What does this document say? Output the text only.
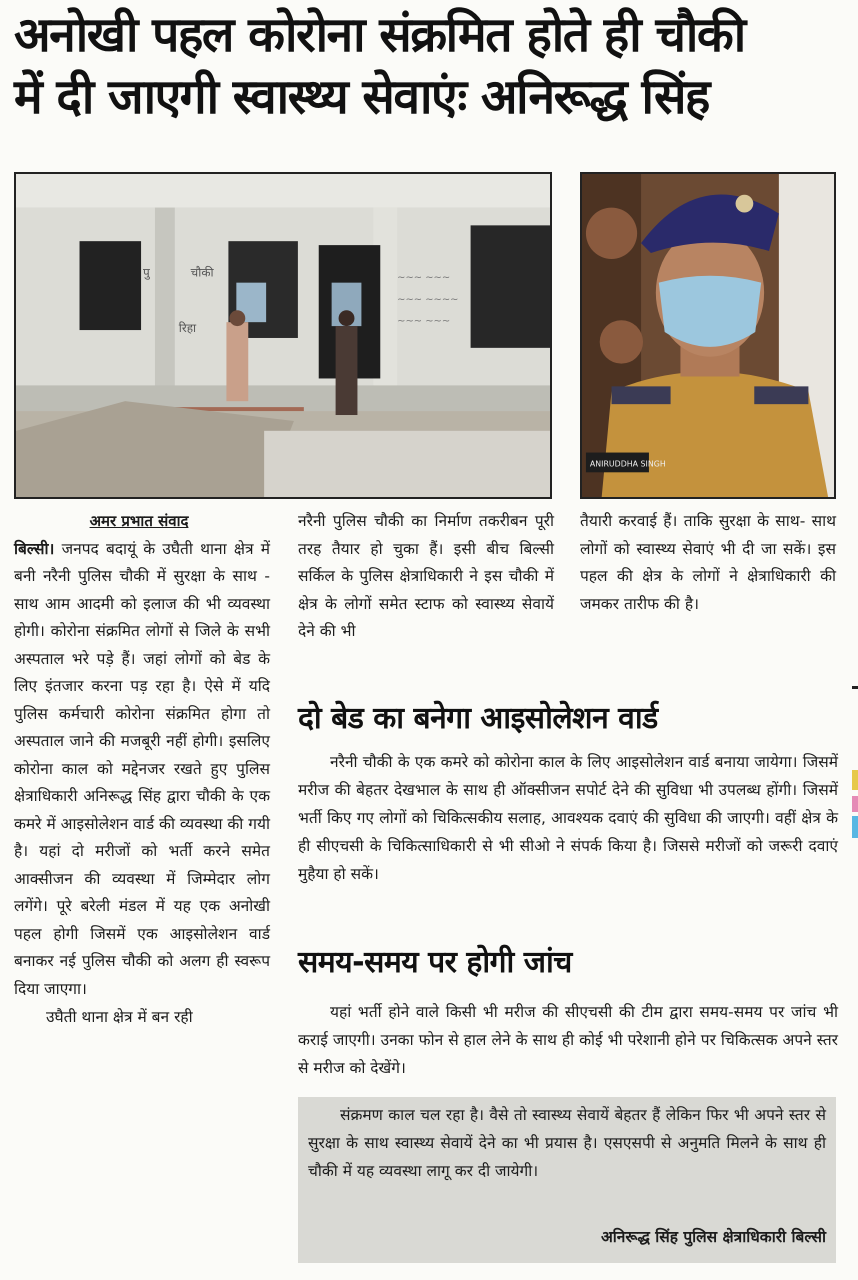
अनोखी पहल कोरोना संक्रमित होते ही चौकी
में दी जाएगी स्वास्थ्य सेवाएंः अनिरूद्ध सिंह
पु	चौकी
रिहा
~~~ ~~~
~~~ ~~~~
~~~ ~~~
ANIRUDDHA SINGH
अमर प्रभात संवाद

बिल्सी। जनपद बदायूं के उघैती थाना क्षेत्र में बनी नरैनी पुलिस चौकी में सुरक्षा के साथ - साथ आम आदमी को इलाज की भी व्यवस्था होगी। कोरोना संक्रमित लोगों से जिले के सभी अस्पताल भरे पड़े हैं। जहां लोगों को बेड के लिए इंतजार करना पड़ रहा है। ऐसे में यदि पुलिस कर्मचारी कोरोना संक्रमित होगा तो अस्पताल जाने की मजबूरी नहीं होगी। इसलिए कोरोना काल को मद्देनजर रखते हुए पुलिस क्षेत्राधिकारी अनिरूद्ध सिंह द्वारा चौकी के एक कमरे में आइसोलेशन वार्ड की व्यवस्था की गयी है। यहां दो मरीजों को भर्ती करने समेत आक्सीजन की व्यवस्था में जिम्मेदार लोग लगेंगे। पूरे बरेली मंडल में यह एक अनोखी पहल होगी जिसमें एक आइसोलेशन वार्ड बनाकर नई पुलिस चौकी को अलग ही स्वरूप दिया जाएगा।

उघैती थाना क्षेत्र में बन रही

नरैनी पुलिस चौकी का निर्माण तकरीबन पूरी तरह तैयार हो चुका हैं। इसी बीच बिल्सी सर्किल के पुलिस क्षेत्राधिकारी ने इस चौकी में क्षेत्र के लोगों समेत स्टाफ को स्वास्थ्य सेवायें देने की भी

तैयारी करवाई हैं। ताकि सुरक्षा के साथ- साथ लोगों को स्वास्थ्य सेवाएं भी दी जा सकें। इस पहल की क्षेत्र के लोगों ने क्षेत्राधिकारी की जमकर तारीफ की है।

दो बेड का बनेगा आइसोलेशन वार्ड
नरैनी चौकी के एक कमरे को कोरोना काल के लिए आइसोलेशन वार्ड बनाया जायेगा। जिसमें मरीज की बेहतर देखभाल के साथ ही ऑक्सीजन सपोर्ट देने की सुविधा भी उपलब्ध होंगी। जिसमें भर्ती किए गए लोगों को चिकित्सकीय सलाह, आवश्यक दवाएं की सुविधा की जाएगी। वहीं क्षेत्र के ही सीएचसी के चिकित्साधिकारी से भी सीओ ने संपर्क किया है। जिससे मरीजों को जरूरी दवाएं मुहैया हो सकें।
समय-समय पर होगी जांच
यहां भर्ती होने वाले किसी भी मरीज की सीएचसी की टीम द्वारा समय-समय पर जांच भी कराई जाएगी। उनका फोन से हाल लेने के साथ ही कोई भी परेशानी होने पर चिकित्सक अपने स्तर से मरीज को देखेंगे।
संक्रमण काल चल रहा है। वैसे तो स्वास्थ्य सेवायें बेहतर हैं लेकिन फिर भी अपने स्तर से सुरक्षा के साथ स्वास्थ्य सेवायें देने का भी प्रयास है। एसएसपी से अनुमति मिलने के साथ ही चौकी में यह व्यवस्था लागू कर दी जायेगी।
अनिरूद्ध सिंह पुलिस क्षेत्राधिकारी बिल्सी
